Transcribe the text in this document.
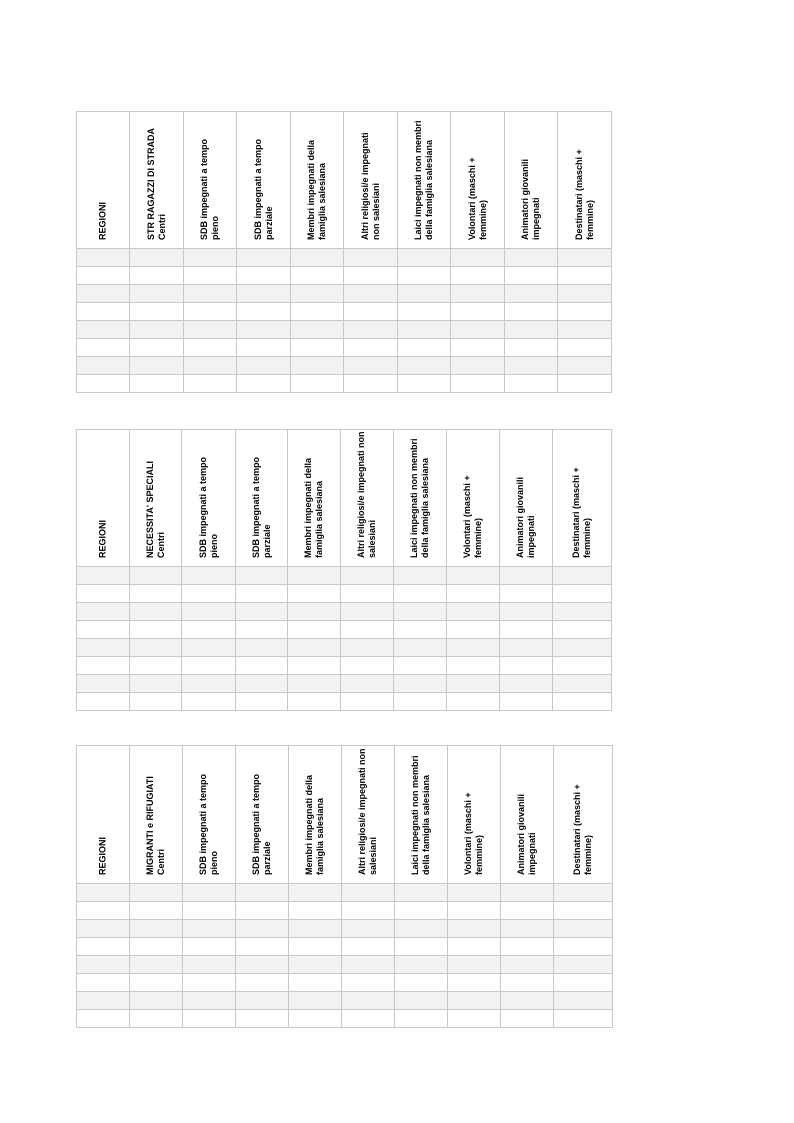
REGIONI	STR RAGAZZI DI STRADA Centri	SDB impegnati a tempo pieno	SDB impegnati a tempo parziale	Membri impegnati della famiglia salesiana	Altri religiosi/e impegnati non salesiani	Laici impegnati non membri della famiglia salesiana	Volontari (maschi + femmine)	Animatori giovanili impegnati	Destinatari (maschi + femmine)

REGIONI	NECESSITA' SPECIALI Centri	SDB impegnati a tempo pieno	SDB impegnati a tempo parziale	Membri impegnati della famiglia salesiana	Altri religiosi/e impegnati non salesiani	Laici impegnati non membri della famiglia salesiana	Volontari (maschi + femmine)	Animatori giovanili impegnati	Destinatari (maschi + femmine)

REGIONI	MIGRANTI e RIFUGIATI Centri	SDB impegnati a tempo pieno	SDB impegnati a tempo parziale	Membri impegnati della famiglia salesiana	Altri religiosi/e impegnati non salesiani	Laici impegnati non membri della famiglia salesiana	Volontari (maschi + femmine)	Animatori giovanili impegnati	Destinatari (maschi + femmine)
